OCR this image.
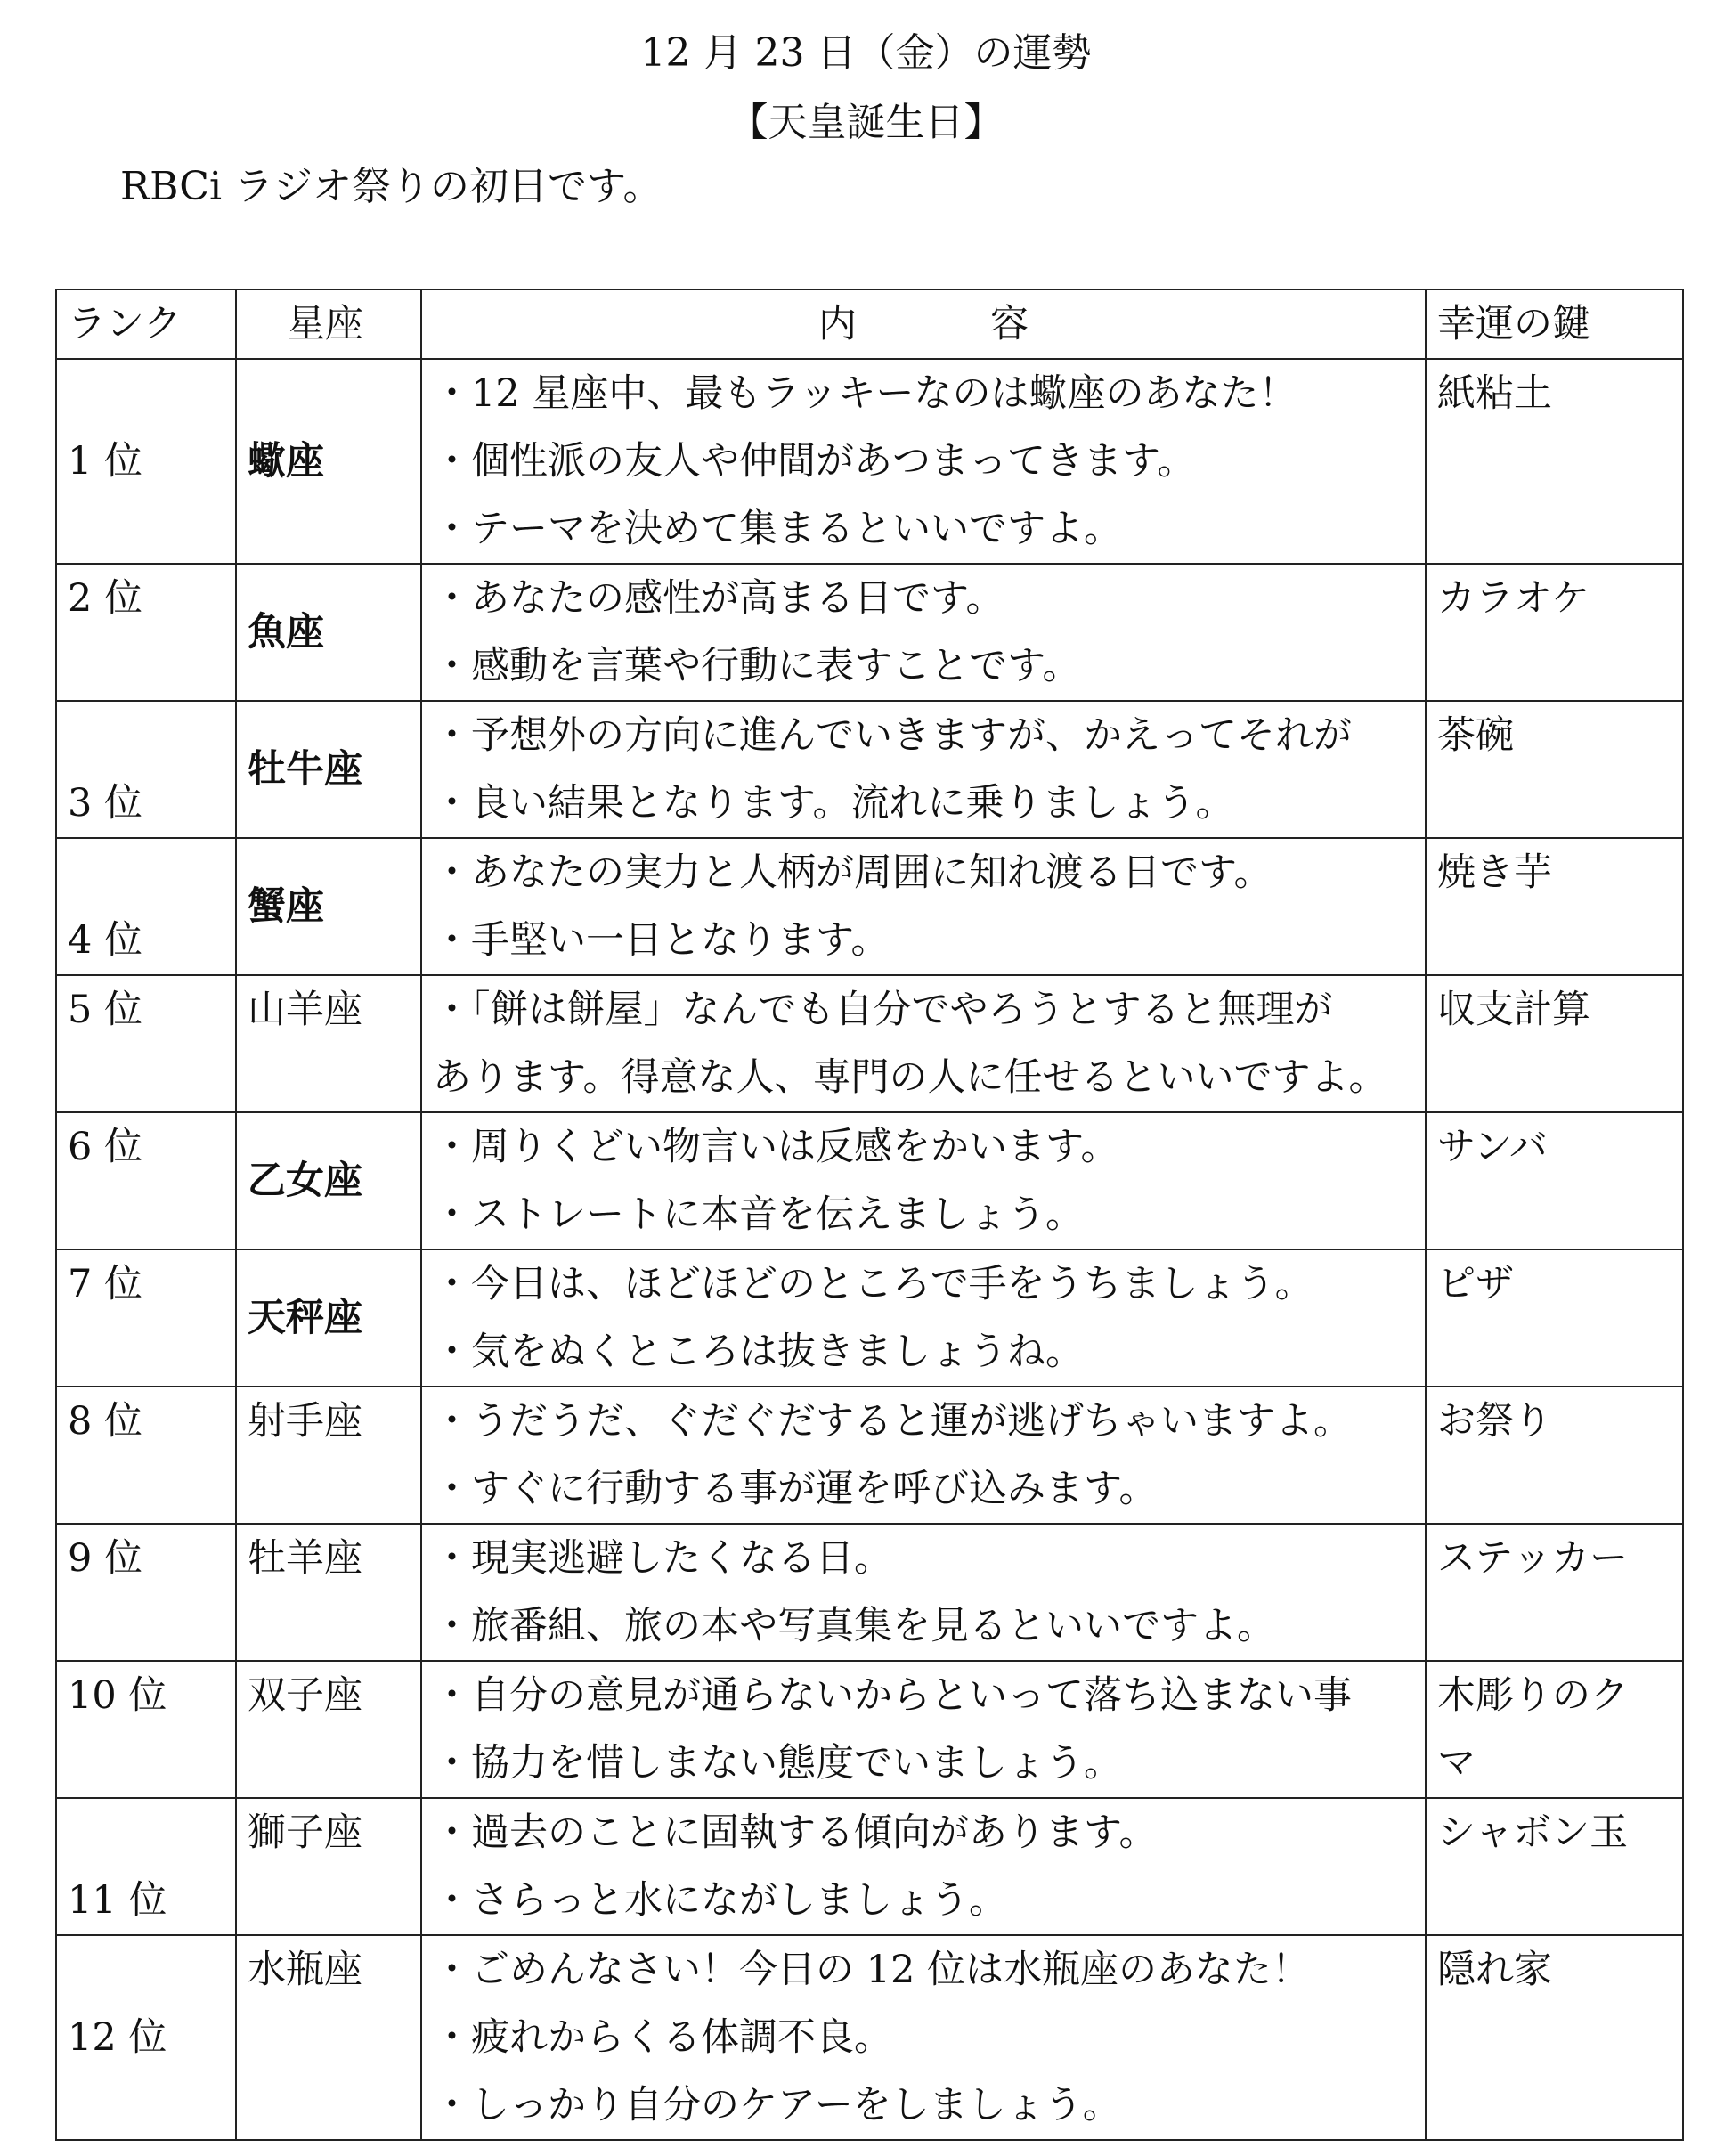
12 月 23 日（金）の運勢
【天皇誕生日】
RBCi ラジオ祭りの初日です。
ランク	星座	内 容	幸運の鍵
1 位	蠍座	・12 星座中、最もラッキーなのは蠍座のあなた！
・個性派の友人や仲間があつまってきます。
・テーマを決めて集まるといいですよ。	紙粘土
2 位	魚座	・あなたの感性が高まる日です。
・感動を言葉や行動に表すことです。	カラオケ
3 位	牡牛座	・予想外の方向に進んでいきますが、かえってそれが
・良い結果となります。流れに乗りましょう。	茶碗
4 位	蟹座	・あなたの実力と人柄が周囲に知れ渡る日です。
・手堅い一日となります。	焼き芋
5 位	山羊座	・「餅は餅屋」なんでも自分でやろうとすると無理が
あります。得意な人、専門の人に任せるといいですよ。	収支計算
6 位	乙女座	・周りくどい物言いは反感をかいます。
・ストレートに本音を伝えましょう。	サンバ
7 位	天秤座	・今日は、ほどほどのところで手をうちましょう。
・気をぬくところは抜きましょうね。	ピザ
8 位	射手座	・うだうだ、ぐだぐだすると運が逃げちゃいますよ。
・すぐに行動する事が運を呼び込みます。	お祭り
9 位	牡羊座	・現実逃避したくなる日。
・旅番組、旅の本や写真集を見るといいですよ。	ステッカー
10 位	双子座	・自分の意見が通らないからといって落ち込まない事
・協力を惜しまない態度でいましょう。	木彫りのク
マ

11 位	獅子座	・過去のことに固執する傾向があります。
・さらっと水にながしましょう。	シャボン玉
12 位	水瓶座	・ごめんなさい！今日の 12 位は水瓶座のあなた！
・疲れからくる体調不良。
・しっかり自分のケアーをしましょう。	隠れ家
